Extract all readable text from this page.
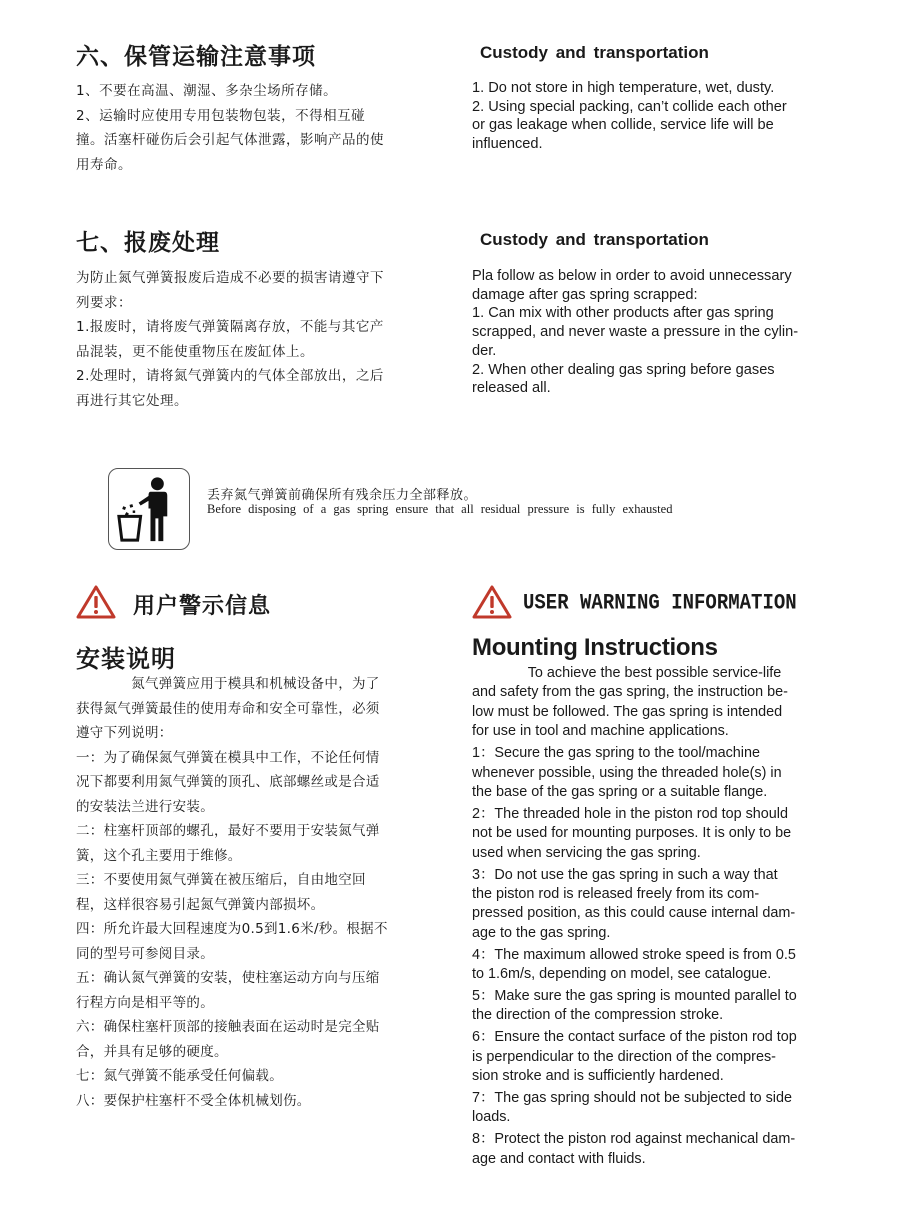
六、保管运输注意事项	Custody and transportation
1、不要在高温、潮湿、多杂尘场所存储。
2、运输时应使用专用包装物包装，不得相互碰
撞。活塞杆碰伤后会引起气体泄露，影响产品的使
用寿命。
1. Do not store in high temperature, wet, dusty.
2. Using special packing, can’t collide each other
or gas leakage when collide, service life will be
influenced.
七、报废处理	Custody and transportation
为防止氮气弹簧报废后造成不必要的损害请遵守下
列要求：
1.报废时，请将废气弹簧隔离存放，不能与其它产
品混装，更不能使重物压在废缸体上。
2.处理时，请将氮气弹簧内的气体全部放出，之后
再进行其它处理。
Pla follow as below in order to avoid unnecessary
damage after gas spring scrapped:
1. Can mix with other products after gas spring
scrapped, and never waste a pressure in the cylin-
der.
2. When other dealing gas spring before gases
released all.
丢弃氮气弹簧前确保所有残余压力全部释放。
Before disposing of a gas spring ensure that all residual pressure is fully exhausted
用户警示信息	USER WARNING INFORMATION
安装说明	Mounting Instructions
　　　　氮气弹簧应用于模具和机械设备中，为了
获得氮气弹簧最佳的使用寿命和安全可靠性，必须
遵守下列说明：
一：为了确保氮气弹簧在模具中工作，不论任何情
况下都要利用氮气弹簧的顶孔、底部螺丝或是合适
的安装法兰进行安装。
二：柱塞杆顶部的螺孔，最好不要用于安装氮气弹
簧，这个孔主要用于维修。
三：不要使用氮气弹簧在被压缩后，自由地空回
程，这样很容易引起氮气弹簧内部损坏。
四：所允许最大回程速度为0.5到1.6米/秒。根据不
同的型号可参阅目录。
五：确认氮气弹簧的安装，使柱塞运动方向与压缩
行程方向是相平等的。
六：确保柱塞杆顶部的接触表面在运动时是完全贴
合，并具有足够的硬度。
七：氮气弹簧不能承受任何偏载。
八：要保护柱塞杆不受全体机械划伤。
To achieve the best possible service-life
and safety from the gas spring, the instruction be-
low must be followed. The gas spring is intended
for use in tool and machine applications.
1：Secure the gas spring to the tool/machine
whenever possible, using the threaded hole(s) in
the base of the gas spring or a suitable flange.
2：The threaded hole in the piston rod top should
not be used for mounting purposes. It is only to be
used when servicing the gas spring.
3：Do not use the gas spring in such a way that
the piston rod is released freely from its com-
pressed position, as this could cause internal dam-
age to the gas spring.
4：The maximum allowed stroke speed is from 0.5
to 1.6m/s, depending on model, see catalogue.
5：Make sure the gas spring is mounted parallel to
the direction of the compression stroke.
6：Ensure the contact surface of the piston rod top
is perpendicular to the direction of the compres-
sion stroke and is sufficiently hardened.
7：The gas spring should not be subjected to side
loads.
8：Protect the piston rod against mechanical dam-
age and contact with fluids.
